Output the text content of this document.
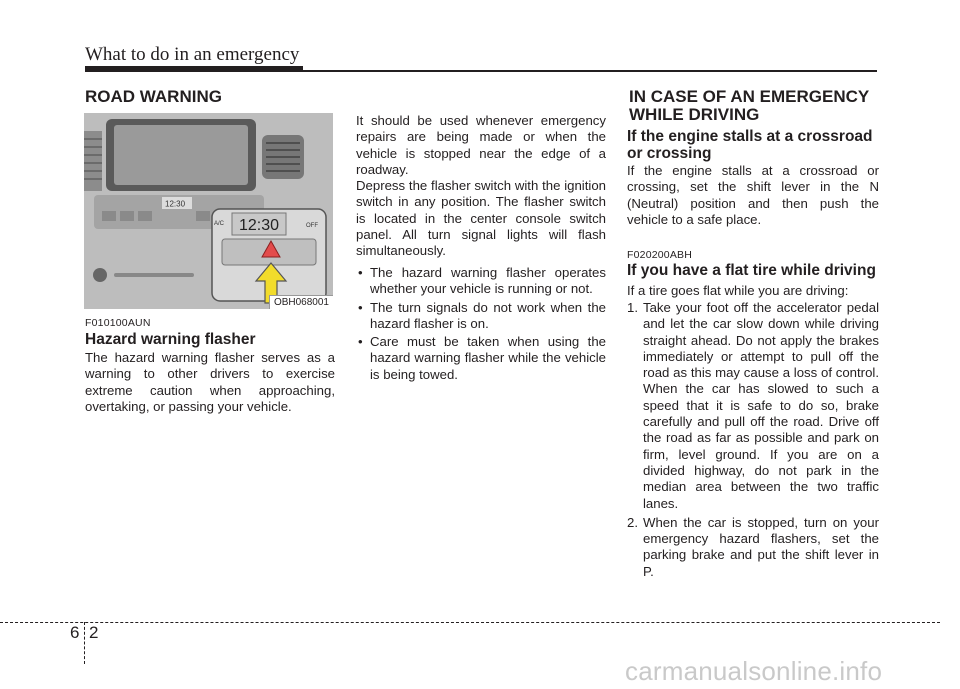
What to do in an emergency
ROAD WARNING
12:30
12:30
A/C	OFF
OBH068001
F010100AUN
Hazard warning flasher
The hazard warning flasher serves as a warning to other drivers to exercise extreme caution when approaching, overtaking, or passing your vehicle.
It should be used whenever emergency repairs are being made or when the vehicle is stopped near the edge of a roadway.
Depress the flasher switch with the ignition switch in any position. The flasher switch is located in the center console switch panel. All turn signal lights will flash simultaneously.
• The hazard warning flasher operates whether your vehicle is running or not.
• The turn signals do not work when the hazard flasher is on.
• Care must be taken when using the hazard warning flasher while the vehicle is being towed.
IN CASE OF AN EMERGENCY WHILE DRIVING
If the engine stalls at a crossroad or crossing
If the engine stalls at a crossroad or crossing, set the shift lever in the N (Neutral) position and then push the vehicle to a safe place.
F020200ABH
If you have a flat tire while driving
If a tire goes flat while you are driving:
1. Take your foot off the accelerator pedal and let the car slow down while driving straight ahead. Do not apply the brakes immediately or attempt to pull off the road as this may cause a loss of control. When the car has slowed to such a speed that it is safe to do so, brake carefully and pull off the road. Drive off the road as far as possible and park on firm, level ground. If you are on a divided highway, do not park in the median area between the two traffic lanes.
2. When the car is stopped, turn on your emergency hazard flashers, set the parking brake and put the shift lever in P.
6 2
carmanualsonline.info
